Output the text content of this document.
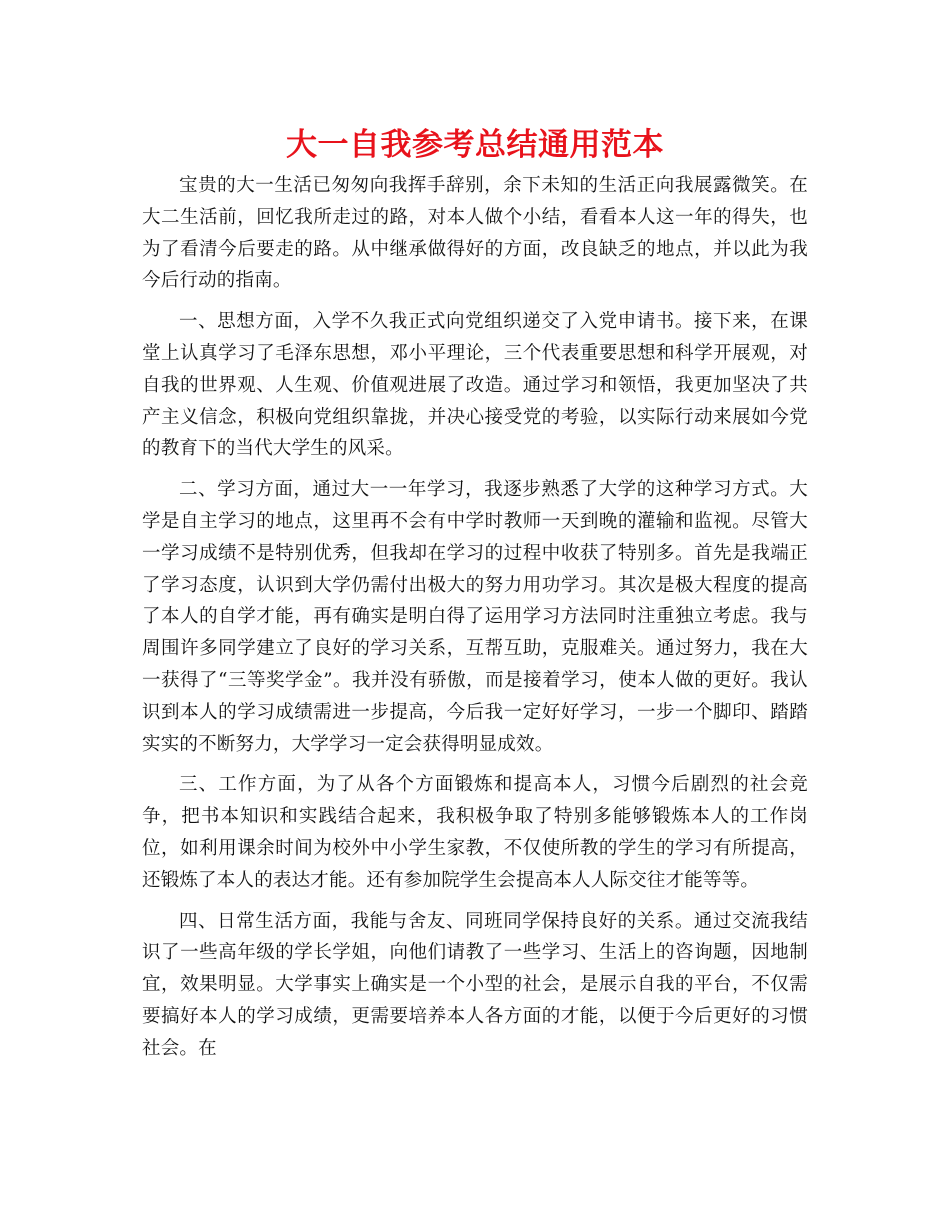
大一自我参考总结通用范本

宝贵的大一生活已匆匆向我挥手辞别，余下未知的生活正向我展露微笑。在大二生活前，回忆我所走过的路，对本人做个小结，看看本人这一年的得失，也为了看清今后要走的路。从中继承做得好的方面，改良缺乏的地点，并以此为我今后行动的指南。

一、思想方面，入学不久我正式向党组织递交了入党申请书。接下来，在课堂上认真学习了毛泽东思想，邓小平理论，三个代表重要思想和科学开展观，对自我的世界观、人生观、价值观进展了改造。通过学习和领悟，我更加坚决了共产主义信念，积极向党组织靠拢，并决心接受党的考验，以实际行动来展如今党的教育下的当代大学生的风采。

二、学习方面，通过大一一年学习，我逐步熟悉了大学的这种学习方式。大学是自主学习的地点，这里再不会有中学时教师一天到晚的灌输和监视。尽管大一学习成绩不是特别优秀，但我却在学习的过程中收获了特别多。首先是我端正了学习态度，认识到大学仍需付出极大的努力用功学习。其次是极大程度的提高了本人的自学才能，再有确实是明白得了运用学习方法同时注重独立考虑。我与周围许多同学建立了良好的学习关系，互帮互助，克服难关。通过努力，我在大一获得了“三等奖学金”。我并没有骄傲，而是接着学习，使本人做的更好。我认识到本人的学习成绩需进一步提高，今后我一定好好学习，一步一个脚印、踏踏实实的不断努力，大学学习一定会获得明显成效。

三、工作方面，为了从各个方面锻炼和提高本人，习惯今后剧烈的社会竞争，把书本知识和实践结合起来，我积极争取了特别多能够锻炼本人的工作岗位，如利用课余时间为校外中小学生家教，不仅使所教的学生的学习有所提高，还锻炼了本人的表达才能。还有参加院学生会提高本人人际交往才能等等。

四、日常生活方面，我能与舍友、同班同学保持良好的关系。通过交流我结识了一些高年级的学长学姐，向他们请教了一些学习、生活上的咨询题，因地制宜，效果明显。大学事实上确实是一个小型的社会，是展示自我的平台，不仅需要搞好本人的学习成绩，更需要培养本人各方面的才能，以便于今后更好的习惯社会。在
